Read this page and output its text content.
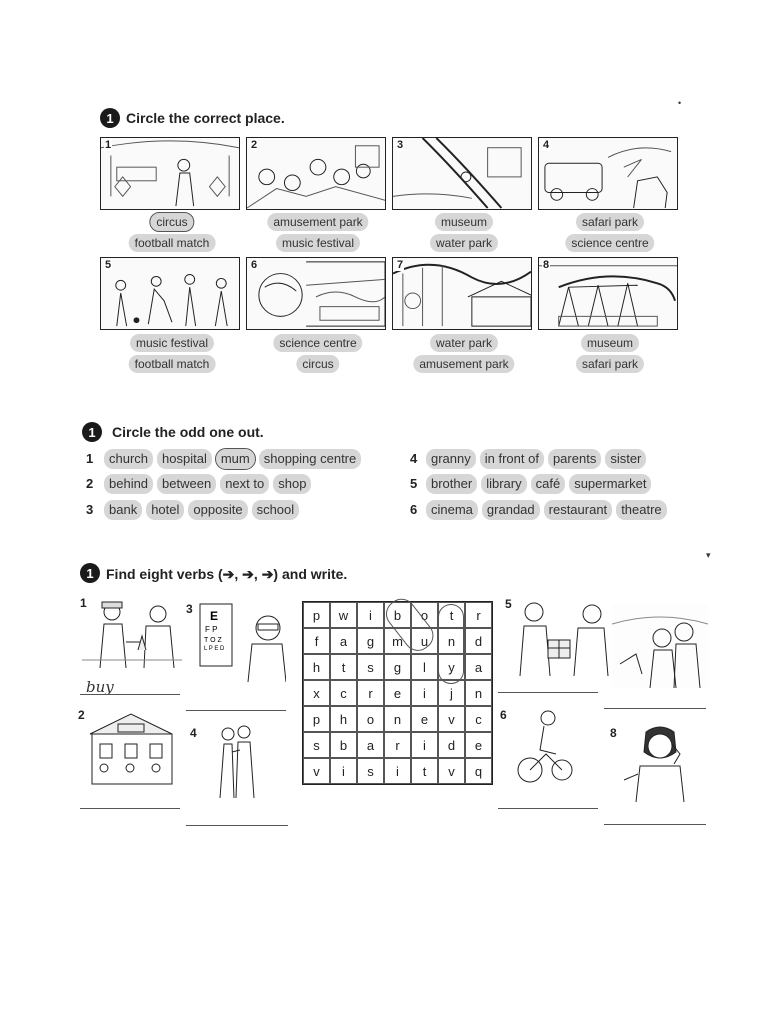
1 Circle the correct place.
•
1
circus
football match
2
amusement park
music festival
3
museum
water park
4
safari park
science centre
5
music festival
football match
6
science centre
circus
7
water park
amusement park
8
museum
safari park
1	Circle the odd one out.
1	church	hospital	mum	shopping centre
2	behind	between	next to	shop
3	bank	hotel	opposite	school
4	granny	in front of	parents	sister
5	brother	library	café	supermarket
6	cinema	grandad	restaurant	theatre
1 Find eight verbs (➔, ➔, ➔) and write.
▾
p	w	i	b	o	t	r
f	a	g	m	u	n	d
h	t	s	g	l	y	a
x	c	r	e	i	j	n
p	h	o	n	e	v	c
s	b	a	r	i	d	e
v	i	s	i	t	v	q
1
buy
2
3 E
F P
T O Z
L P E D
4
5
6
8
